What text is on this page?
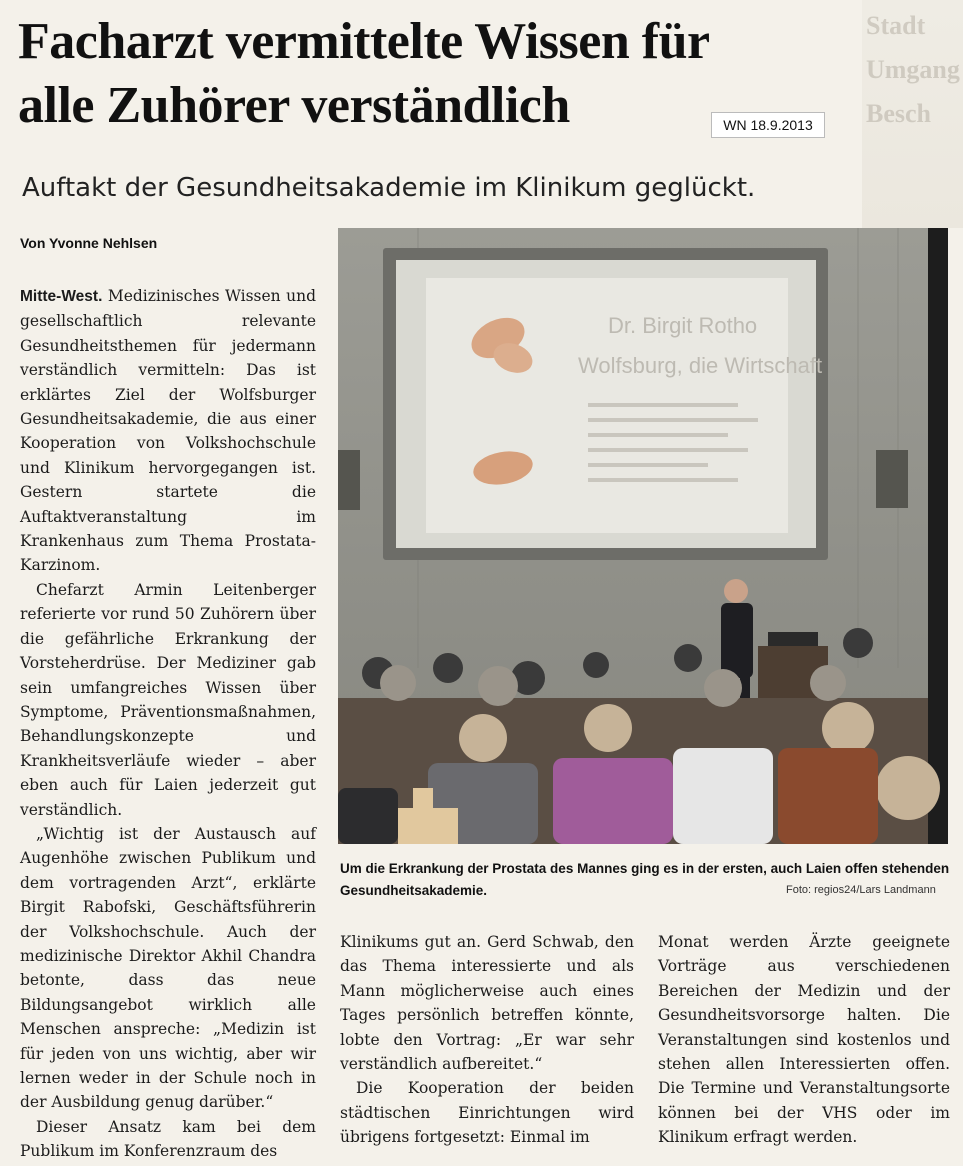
Stadt
Umgang
Besch
Facharzt vermittelte Wissen für
alle Zuhörer verständlich	WN 18.9.2013
Auftakt der Gesundheitsakademie im Klinikum geglückt.
Von Yvonne Nehlsen

Mitte-West. Medizinisches Wissen und gesellschaftlich relevante Gesundheitsthemen für jedermann verständlich vermitteln: Das ist erklärtes Ziel der Wolfsburger Gesundheitsakademie, die aus einer Kooperation von Volkshochschule und Klinikum hervorgegangen ist. Gestern startete die Auftaktveranstaltung im Krankenhaus zum Thema Prostata-Karzinom.

Chefarzt Armin Leitenberger referierte vor rund 50 Zuhörern über die gefährliche Erkrankung der Vorsteherdrüse. Der Mediziner gab sein umfangreiches Wissen über Symptome, Präventionsmaßnahmen, Behandlungskonzepte und Krankheitsverläufe wieder – aber eben auch für Laien jederzeit gut verständlich.

„Wichtig ist der Austausch auf Augenhöhe zwischen Publikum und dem vortragenden Arzt“, erklärte Birgit Rabofski, Geschäftsführerin der Volkshochschule. Auch der medizinische Direktor Akhil Chandra betonte, dass das neue Bildungsangebot wirklich alle Menschen anspreche: „Medizin ist für jeden von uns wichtig, aber wir lernen weder in der Schule noch in der Ausbildung genug darüber.“

Dieser Ansatz kam bei dem Publikum im Konferenzraum des

Dr. Birgit Rotho
Wolfsburg, die Wirtschaft
Um die Erkrankung der Prostata des Mannes ging es in der ersten, auch Laien offen stehenden Gesundheitsakademie.	Foto: regios24/Lars Landmann

Klinikums gut an. Gerd Schwab, den das Thema interessierte und als Mann möglicherweise auch eines Tages persönlich betreffen könnte, lobte den Vortrag: „Er war sehr verständlich aufbereitet.“

Die Kooperation der beiden städtischen Einrichtungen wird übrigens fortgesetzt: Einmal im

Monat werden Ärzte geeignete Vorträge aus verschiedenen Bereichen der Medizin und der Gesundheitsvorsorge halten. Die Veranstaltungen sind kostenlos und stehen allen Interessierten offen. Die Termine und Veranstaltungsorte können bei der VHS oder im Klinikum erfragt werden.
